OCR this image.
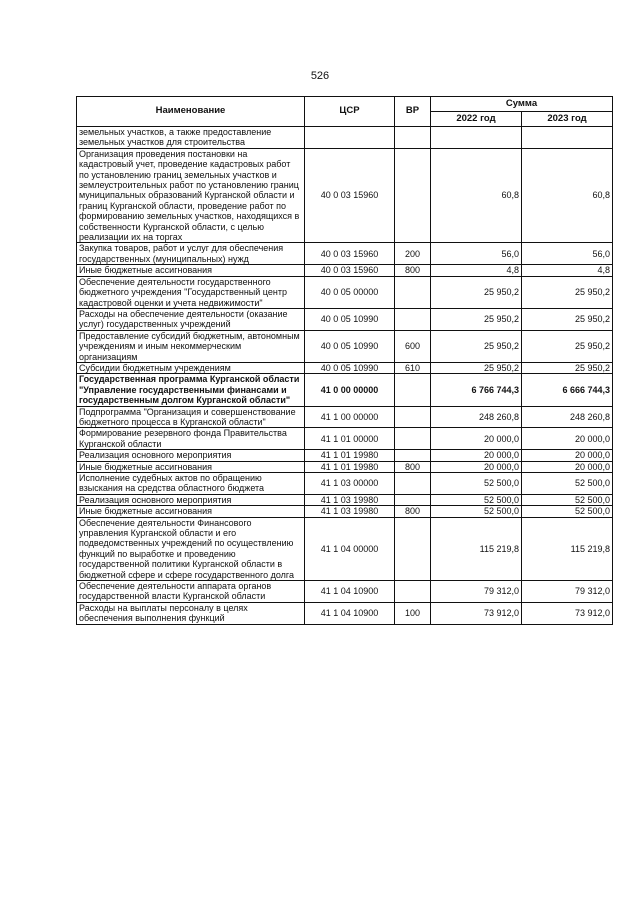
526
Наименование	ЦСР	ВР	Сумма	
			2022 год	2023 год
земельных участков, а также предоставление земельных участков для строительства				
Организация проведения постановки на кадастровый учет, проведение кадастровых работ по установлению границ земельных участков и землеустроительных работ по установлению границ муниципальных образований Курганской области и границ Курганской области, проведение работ по формированию земельных участков, находящихся в собственности Курганской области, с целью реализации их на торгах	40 0 03 15960		60,8	60,8
Закупка товаров, работ и услуг для обеспечения государственных (муниципальных) нужд	40 0 03 15960	200	56,0	56,0
Иные бюджетные ассигнования	40 0 03 15960	800	4,8	4,8
Обеспечение деятельности государственного бюджетного учреждения "Государственный центр кадастровой оценки и учета недвижимости"	40 0 05 00000		25 950,2	25 950,2
Расходы на обеспечение деятельности (оказание услуг) государственных учреждений	40 0 05 10990		25 950,2	25 950,2
Предоставление субсидий бюджетным, автономным учреждениям и иным некоммерческим организациям	40 0 05 10990	600	25 950,2	25 950,2
Субсидии бюджетным учреждениям	40 0 05 10990	610	25 950,2	25 950,2
Государственная программа Курганской области "Управление государственными финансами и государственным долгом Курганской области"	41 0 00 00000		6 766 744,3	6 666 744,3
Подпрограмма "Организация и совершенствование бюджетного процесса в Курганской области"	41 1 00 00000		248 260,8	248 260,8
Формирование резервного фонда Правительства Курганской области	41 1 01 00000		20 000,0	20 000,0
Реализация основного мероприятия	41 1 01 19980		20 000,0	20 000,0
Иные бюджетные ассигнования	41 1 01 19980	800	20 000,0	20 000,0
Исполнение судебных актов по обращению взыскания на средства областного бюджета	41 1 03 00000		52 500,0	52 500,0
Реализация основного мероприятия	41 1 03 19980		52 500,0	52 500,0
Иные бюджетные ассигнования	41 1 03 19980	800	52 500,0	52 500,0
Обеспечение деятельности Финансового управления Курганской области и его подведомственных учреждений по осуществлению функций по выработке и проведению государственной политики Курганской области в бюджетной сфере и сфере государственного долга	41 1 04 00000		115 219,8	115 219,8
Обеспечение деятельности аппарата органов государственной власти Курганской области	41 1 04 10900		79 312,0	79 312,0
Расходы на выплаты персоналу в целях обеспечения выполнения функций	41 1 04 10900	100	73 912,0	73 912,0
